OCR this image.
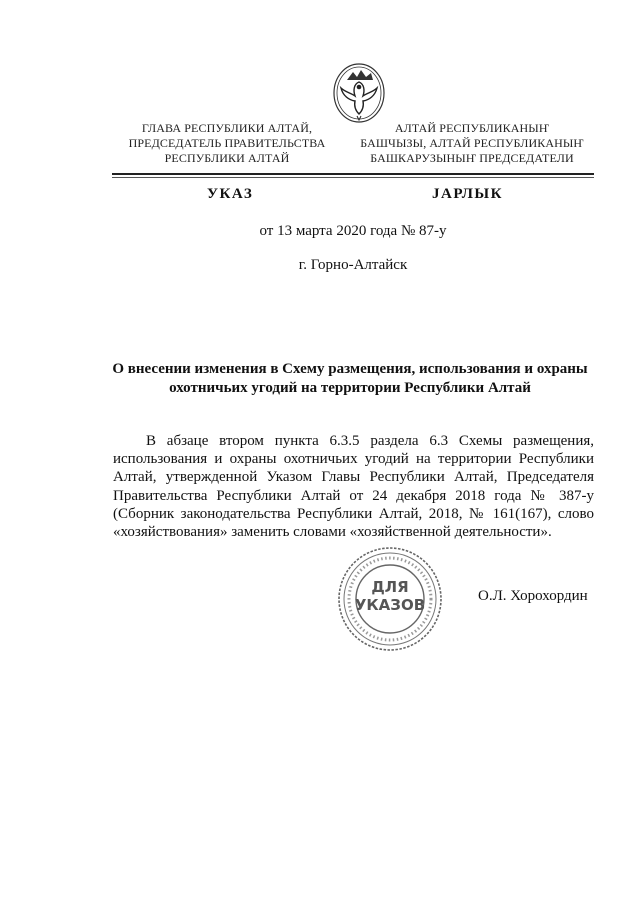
ГЛАВА РЕСПУБЛИКИ АЛТАЙ,
ПРЕДСЕДАТЕЛЬ ПРАВИТЕЛЬСТВА
РЕСПУБЛИКИ АЛТАЙ
АЛТАЙ РЕСПУБЛИКАНЫҤ
БАШЧЫЗЫ, АЛТАЙ РЕСПУБЛИКАНЫҤ
БАШКАРУЗЫНЫҤ ПРЕДСЕДАТЕЛИ
УКАЗ	ЈАРЛЫК
от 13 марта 2020 года № 87-у
г. Горно-Алтайск
О внесении изменения в Схему размещения, использования и охраны
охотничьих угодий на территории Республики Алтай
В абзаце втором пункта 6.3.5 раздела 6.3 Схемы размещения,
использования и охраны охотничьих угодий на территории Республики
Алтай, утвержденной Указом Главы Республики Алтай, Председателя
Правительства Республики Алтай от 24 декабря 2018 года № 387-у
(Сборник законодательства Республики Алтай, 2018, № 161(167), слово
«хозяйствования» заменить словами «хозяйственной деятельности».
ДЛЯ
УКАЗОВ	О.Л. Хорохордин
